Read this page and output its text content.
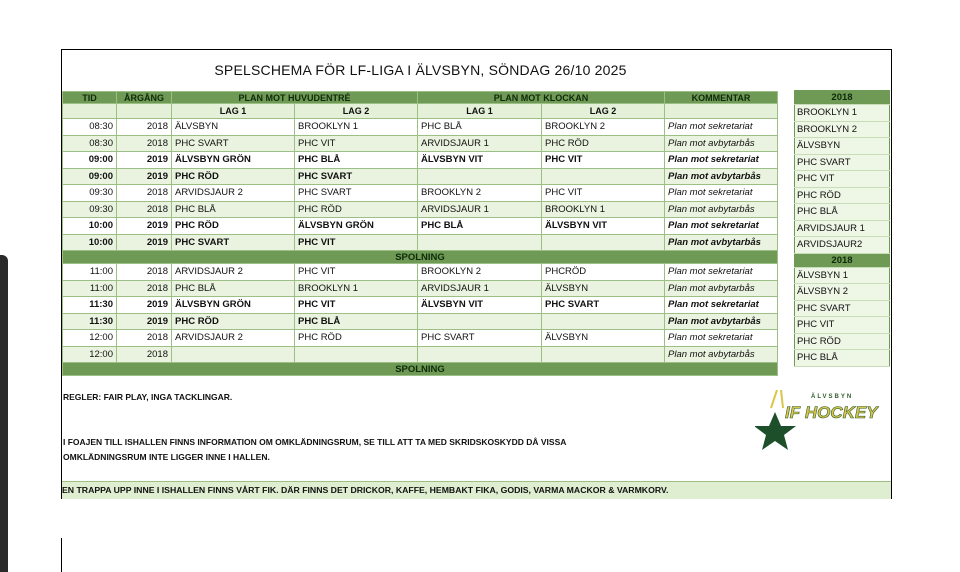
SPELSCHEMA FÖR LF-LIGA I ÄLVSBYN, SÖNDAG 26/10 2025
TID	ÅRGÅNG	PLAN MOT HUVUDENTRÉ		PLAN MOT KLOCKAN		KOMMENTAR
		LAG 1	LAG 2	LAG 1	LAG 2	
08:30	2018	ÄLVSBYN	BROOKLYN 1	PHC BLÅ	BROOKLYN 2	Plan mot sekretariat
08:30	2018	PHC SVART	PHC VIT	ARVIDSJAUR 1	PHC RÖD	Plan mot avbytarbås
09:00	2019	ÄLVSBYN GRÖN	PHC BLÅ	ÄLVSBYN VIT	PHC VIT	Plan mot sekretariat
09:00	2019	PHC RÖD	PHC SVART			Plan mot avbytarbås
09:30	2018	ARVIDSJAUR 2	PHC SVART	BROOKLYN 2	PHC VIT	Plan mot sekretariat
09:30	2018	PHC BLÅ	PHC RÖD	ARVIDSJAUR 1	BROOKLYN 1	Plan mot avbytarbås
10:00	2019	PHC RÖD	ÄLVSBYN GRÖN	PHC BLÅ	ÄLVSBYN VIT	Plan mot sekretariat
10:00	2019	PHC SVART	PHC VIT			Plan mot avbytarbås
SPOLNING						
11:00	2018	ARVIDSJAUR 2	PHC VIT	BROOKLYN 2	PHCRÖD	Plan mot sekretariat
11:00	2018	PHC BLÅ	BROOKLYN 1	ARVIDSJAUR 1	ÄLVSBYN	Plan mot avbytarbås
11:30	2019	ÄLVSBYN GRÖN	PHC VIT	ÄLVSBYN VIT	PHC SVART	Plan mot sekretariat
11:30	2019	PHC RÖD	PHC BLÅ			Plan mot avbytarbås
12:00	2018	ARVIDSJAUR 2	PHC RÖD	PHC SVART	ÄLVSBYN	Plan mot sekretariat
12:00	2018					Plan mot avbytarbås
SPOLNING						
2018
BROOKLYN 1
BROOKLYN 2
ÄLVSBYN
PHC SVART
PHC VIT
PHC RÖD
PHC BLÅ
ARVIDSJAUR 1
ARVIDSJAUR2
2018
ÄLVSBYN 1
ÄLVSBYN 2
PHC SVART
PHC VIT
PHC RÖD
PHC BLÅ
REGLER: FAIR PLAY, INGA TACKLINGAR.
I FOAJEN TILL ISHALLEN FINNS INFORMATION OM OMKLÄDNINGSRUM, SE TILL ATT TA MED SKRIDSKOSKYDD DÅ VISSA
OMKLÄDNINGSRUM INTE LIGGER INNE I HALLEN.
ÄLVSBYN
IF HOCKEY
EN TRAPPA UPP INNE I ISHALLEN FINNS VÅRT FIK. DÄR FINNS DET DRICKOR, KAFFE, HEMBAKT FIKA, GODIS, VARMA MACKOR & VARMKORV.
